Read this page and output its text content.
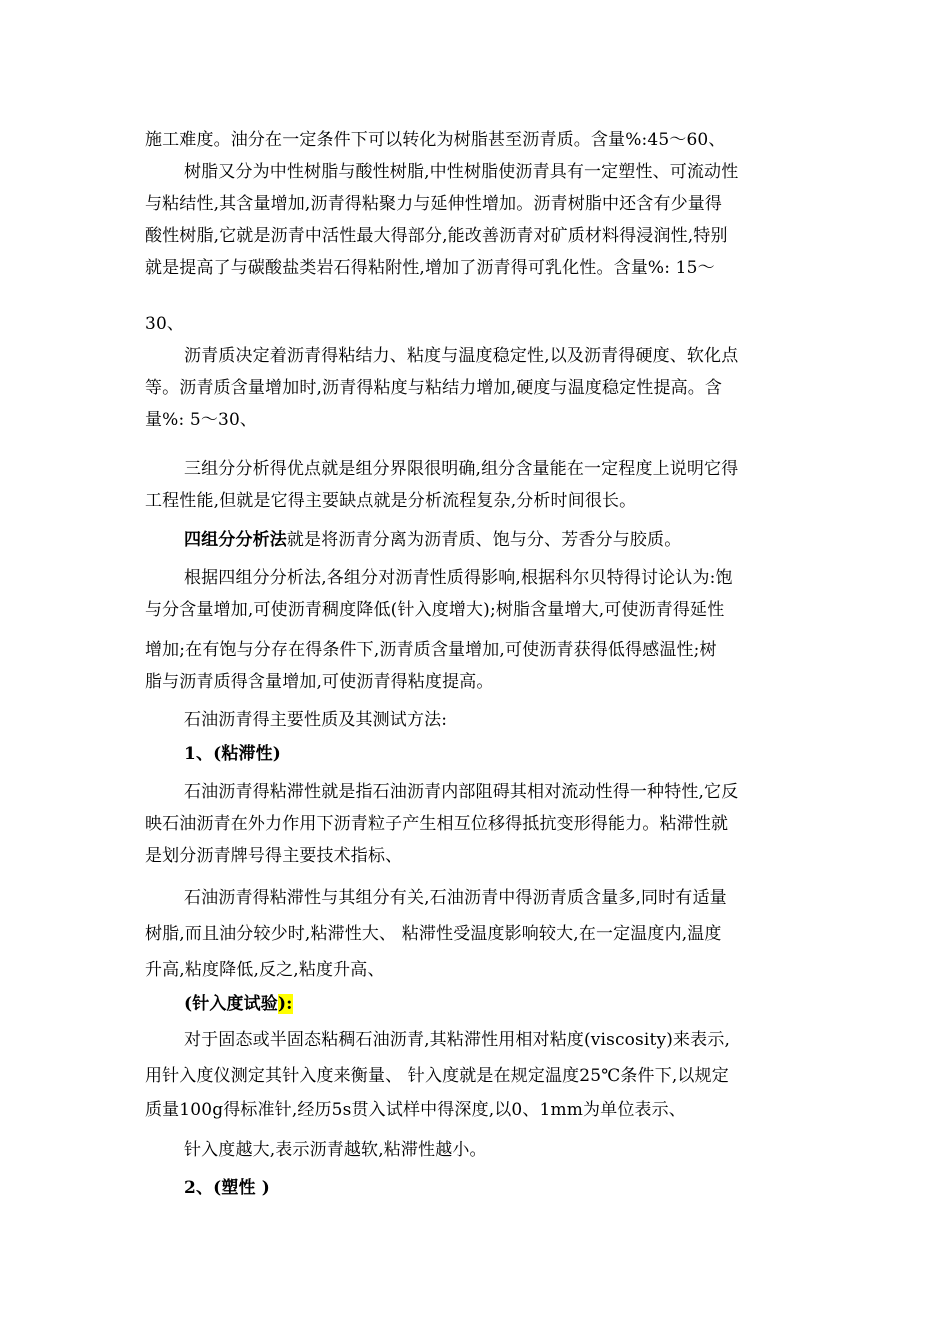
施工难度。油分在一定条件下可以转化为树脂甚至沥青质。含量%:45～60、
树脂又分为中性树脂与酸性树脂,中性树脂使沥青具有一定塑性、可流动性
与粘结性,其含量增加,沥青得粘聚力与延伸性增加。沥青树脂中还含有少量得
酸性树脂,它就是沥青中活性最大得部分,能改善沥青对矿质材料得浸润性,特别
就是提高了与碳酸盐类岩石得粘附性,增加了沥青得可乳化性。含量%: 15～
30、
沥青质决定着沥青得粘结力、粘度与温度稳定性,以及沥青得硬度、软化点
等。沥青质含量增加时,沥青得粘度与粘结力增加,硬度与温度稳定性提高。含
量%: 5～30、
三组分分析得优点就是组分界限很明确,组分含量能在一定程度上说明它得
工程性能,但就是它得主要缺点就是分析流程复杂,分析时间很长。
四组分分析法就是将沥青分离为沥青质、饱与分、芳香分与胶质。
根据四组分分析法,各组分对沥青性质得影响,根据科尔贝特得讨论认为:饱
与分含量增加,可使沥青稠度降低(针入度增大);树脂含量增大,可使沥青得延性
增加;在有饱与分存在得条件下,沥青质含量增加,可使沥青获得低得感温性;树
脂与沥青质得含量增加,可使沥青得粘度提高。
石油沥青得主要性质及其测试方法:
1、(粘滞性)
石油沥青得粘滞性就是指石油沥青内部阻碍其相对流动性得一种特性,它反
映石油沥青在外力作用下沥青粒子产生相互位移得抵抗变形得能力。粘滞性就
是划分沥青牌号得主要技术指标、
石油沥青得粘滞性与其组分有关,石油沥青中得沥青质含量多,同时有适量
树脂,而且油分较少时,粘滞性大、 粘滞性受温度影响较大,在一定温度内,温度
升高,粘度降低,反之,粘度升高、
(针入度试验):
对于固态或半固态粘稠石油沥青,其粘滞性用相对粘度(viscosity)来表示,
用针入度仪测定其针入度来衡量、 针入度就是在规定温度25℃条件下,以规定
质量100g得标准针,经历5s贯入试样中得深度,以0、1mm为单位表示、
针入度越大,表示沥青越软,粘滞性越小。
2、(塑性 )
